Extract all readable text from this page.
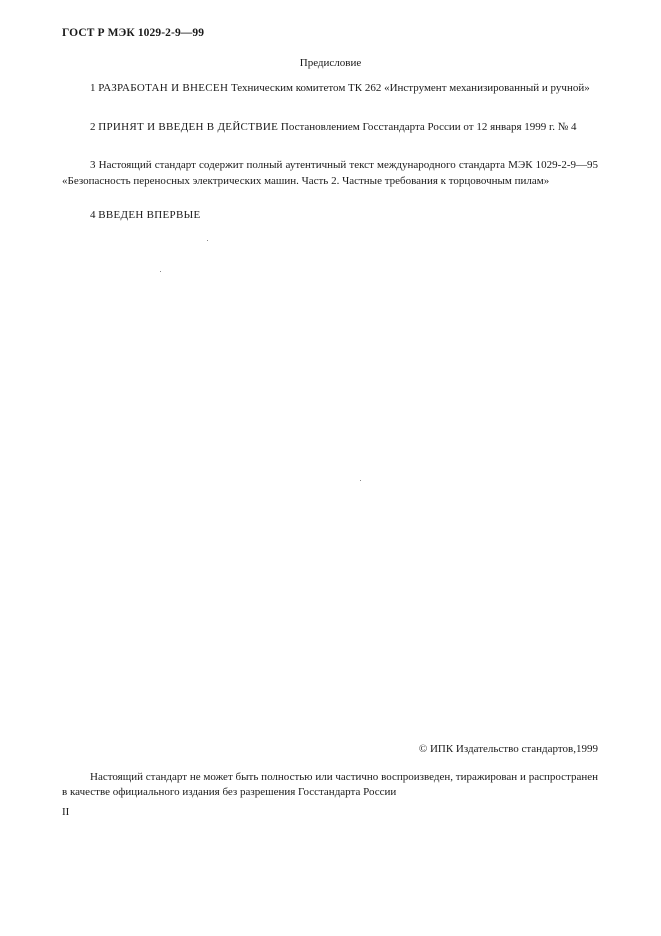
ГОСТ Р МЭК 1029-2-9—99
Предисловие
1 РАЗРАБОТАН И ВНЕСЕН Техническим комитетом ТК 262 «Инструмент механизированный и ручной»
2 ПРИНЯТ И ВВЕДЕН В ДЕЙСТВИЕ Постановлением Госстандарта России от 12 января 1999 г. № 4
3 Настоящий стандарт содержит полный аутентичный текст международного стандарта МЭК 1029-2-9—95 «Безопасность переносных электрических машин. Часть 2. Частные требования к торцовочным пилам»
4 ВВЕДЕН ВПЕРВЫЕ
© ИПК Издательство стандартов,1999
Настоящий стандарт не может быть полностью или частично воспроизведен, тиражирован и распространен в качестве официального издания без разрешения Госстандарта России
II
